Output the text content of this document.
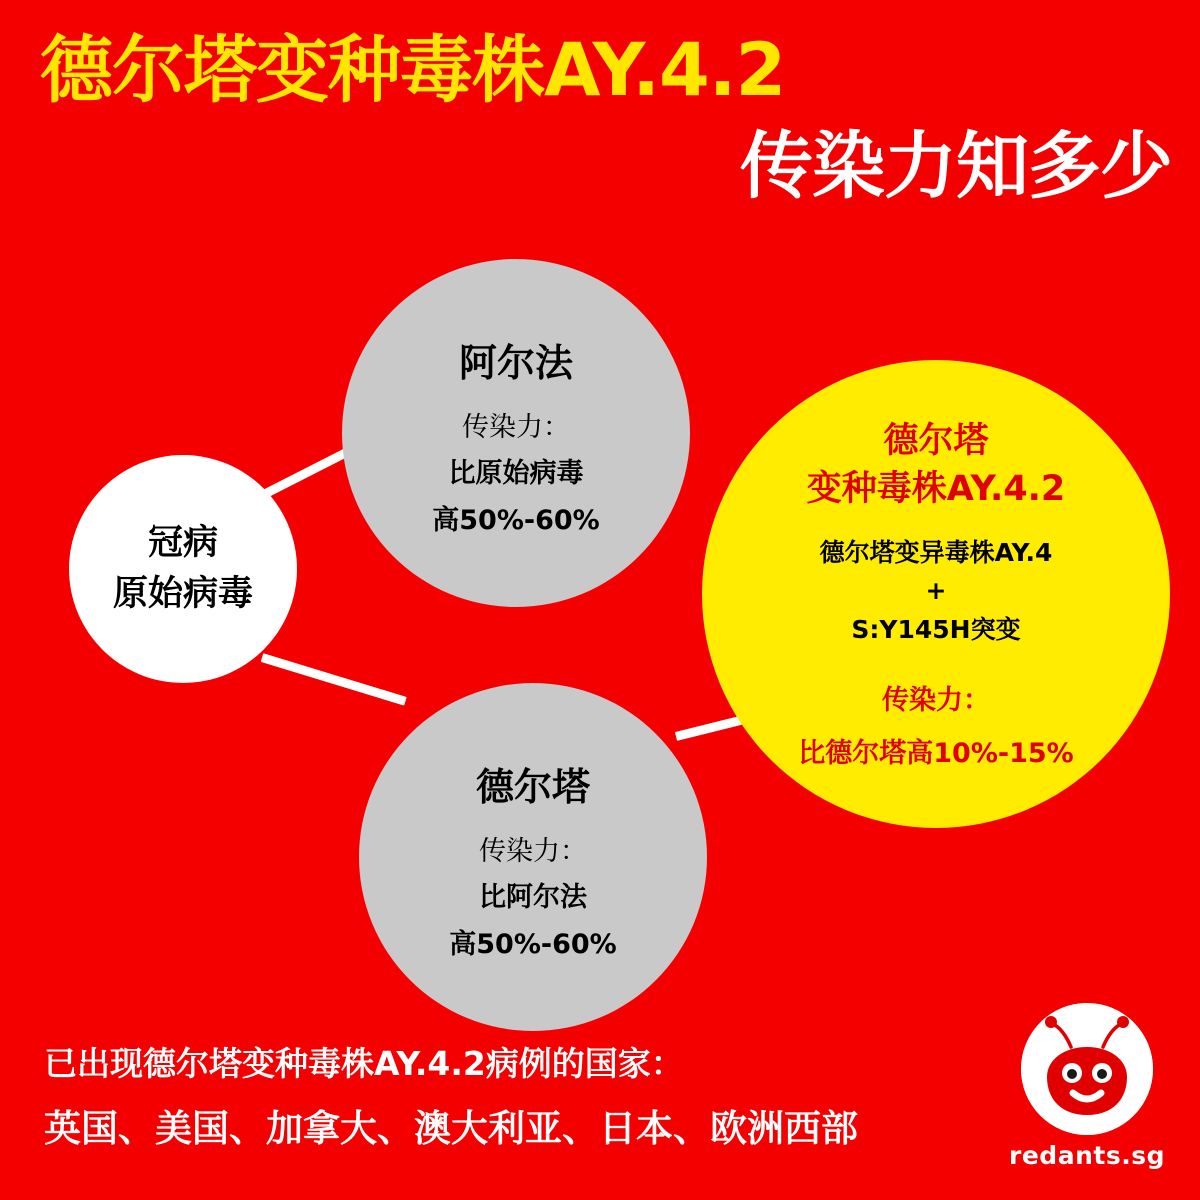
德尔塔变种毒株AY.4.2
传染力知多少
冠病
原始病毒
阿尔法
传染力：
比原始病毒
高50%-60%
德尔塔
传染力：
比阿尔法
高50%-60%
德尔塔
变种毒株AY.4.2
德尔塔变异毒株AY.4
+
S:Y145H突变
传染力：
比德尔塔高10%-15%
已出现德尔塔变种毒株AY.4.2病例的国家：
英国、美国、加拿大、澳大利亚、日本、欧洲西部
redants.sg
